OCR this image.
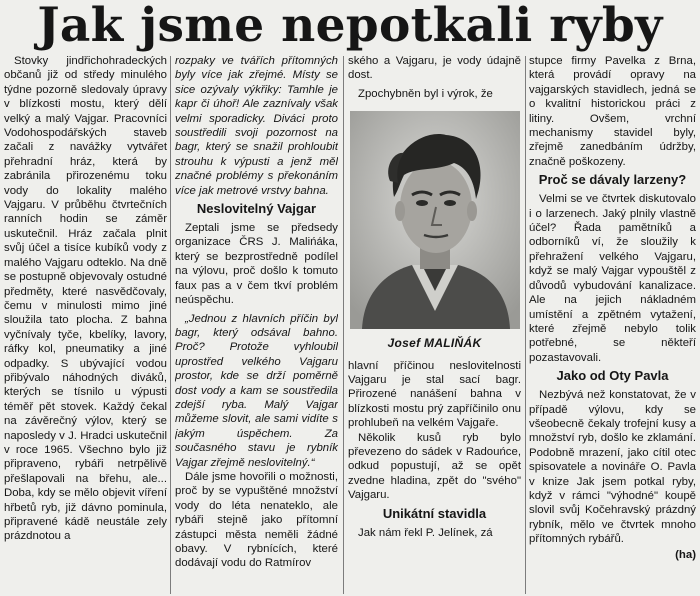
Jak jsme nepotkali ryby

Stovky jindřichohradeckých občanů již od středy minulého týdne pozorně sledovaly úpravy v blízkosti mostu, který dělí velký a malý Vajgar. Pracovníci Vodohospodářských staveb začali z navážky vytvářet přehradní hráz, která by zabránila přirozenému toku vody do lokality malého Vajgaru. V průběhu čtvrtečních ranních hodin se záměr uskutečnil. Hráz začala plnit svůj účel a tisíce kubíků vody z malého Vajgaru odteklo. Na dně se postupně objevovaly ostudné předměty, které nasvědčovaly, čemu v minulosti mimo jiné sloužila tato plocha. Z bahna vyčnívaly tyče, kbelíky, lavory, ráfky kol, pneumatiky a jiné odpadky. S ubývající vodou přibývalo náhodných diváků, kterých se tísnilo u výpusti téměř pět stovek. Každý čekal na závěrečný výlov, který se naposledy v J. Hradci uskutečnil v roce 1965. Všechno bylo již připraveno, rybáři netrpělivě přešlapovali na břehu, ale... Doba, kdy se mělo objevit víření hřbetů ryb, již dávno pominula, připravené kádě neustále zely prázdnotou a

rozpaky ve tvářích přítomných byly více jak zřejmé. Místy se sice ozývaly výkřiky: Tamhle je kapr či úhoř! Ale zaznívaly však velmi sporadicky. Diváci proto soustředili svoji pozornost na bagr, který se snažil prohloubit strouhu k výpusti a jenž měl značné problémy s překonáním více jak metrové vrstvy bahna.

Neslovitelný Vajgar

Zeptali jsme se předsedy organizace ČRS J. Malińáka, který se bezprostředně podílel na výlovu, proč došlo k tomuto faux pas a v čem tkví problém neúspěchu.

„Jednou z hlavních příčin byl bagr, který odsával bahno. Proč? Protože vyhloubil uprostřed velkého Vajgaru prostor, kde se drží poměrně dost vody a kam se soustředila zdejší ryba. Malý Vajgar můžeme slovit, ale sami vidíte s jakým úspěchem. Za současného stavu je rybník Vajgar zřejmě neslovitelný.“

Dále jsme hovořili o možnosti, proč by se vypuštěné množství vody do léta nenateklo, ale rybáři stejně jako přítomní zástupci města neměli žádné obavy. V rybnících, které dodávají vodu do Ratmírov

ského a Vajgaru, je vody údajně dost.

Zpochybněn byl i výrok, že

Josef MALIŇÁK

hlavní příčinou neslovitelnosti Vajgaru je stal sací bagr. Přirozené nanášení bahna v blízkosti mostu prý zapříčinilo onu prohlubeň na velkém Vajgaře.

Několik kusů ryb bylo převezeno do sádek v Radouńce, odkud popustují, až se opět zvedne hladina, zpět do "svého" Vajgaru.

Unikátní stavidla

Jak nám řekl P. Jelínek, zá

stupce firmy Pavelka z Brna, která provádí opravy na vajgarských stavidlech, jedná se o kvalitní historickou práci z litiny. Ovšem, vrchní mechanismy stavidel byly, zřejmě zanedbáním údržby, značně poškozeny.

Proč se dávaly larzeny?

Velmi se ve čtvrtek diskutovalo i o larzenech. Jaký plnily vlastně účel? Řada pamětníků a odborníků ví, že sloužily k přehražení velkého Vajgaru, když se malý Vajgar vypouštěl z důvodů vybudování kanalizace. Ale na jejich nákladném umístění a zpětném vytažení, které zřejmě nebylo tolik potřebné, se někteří pozastavovali.

Jako od Oty Pavla

Nezbývá než konstatovat, že v případě výlovu, kdy se všeobecně čekaly trofejní kusy a množství ryb, došlo ke zklamání. Podobně mrazení, jako cítil otec spisovatele a novináře O. Pavla v knize Jak jsem potkal ryby, když v rámci "výhodné" koupě slovil svůj Kočehravský prázdný rybník, mělo ve čtvrtek mnoho přítomných rybářů.

(ha)
